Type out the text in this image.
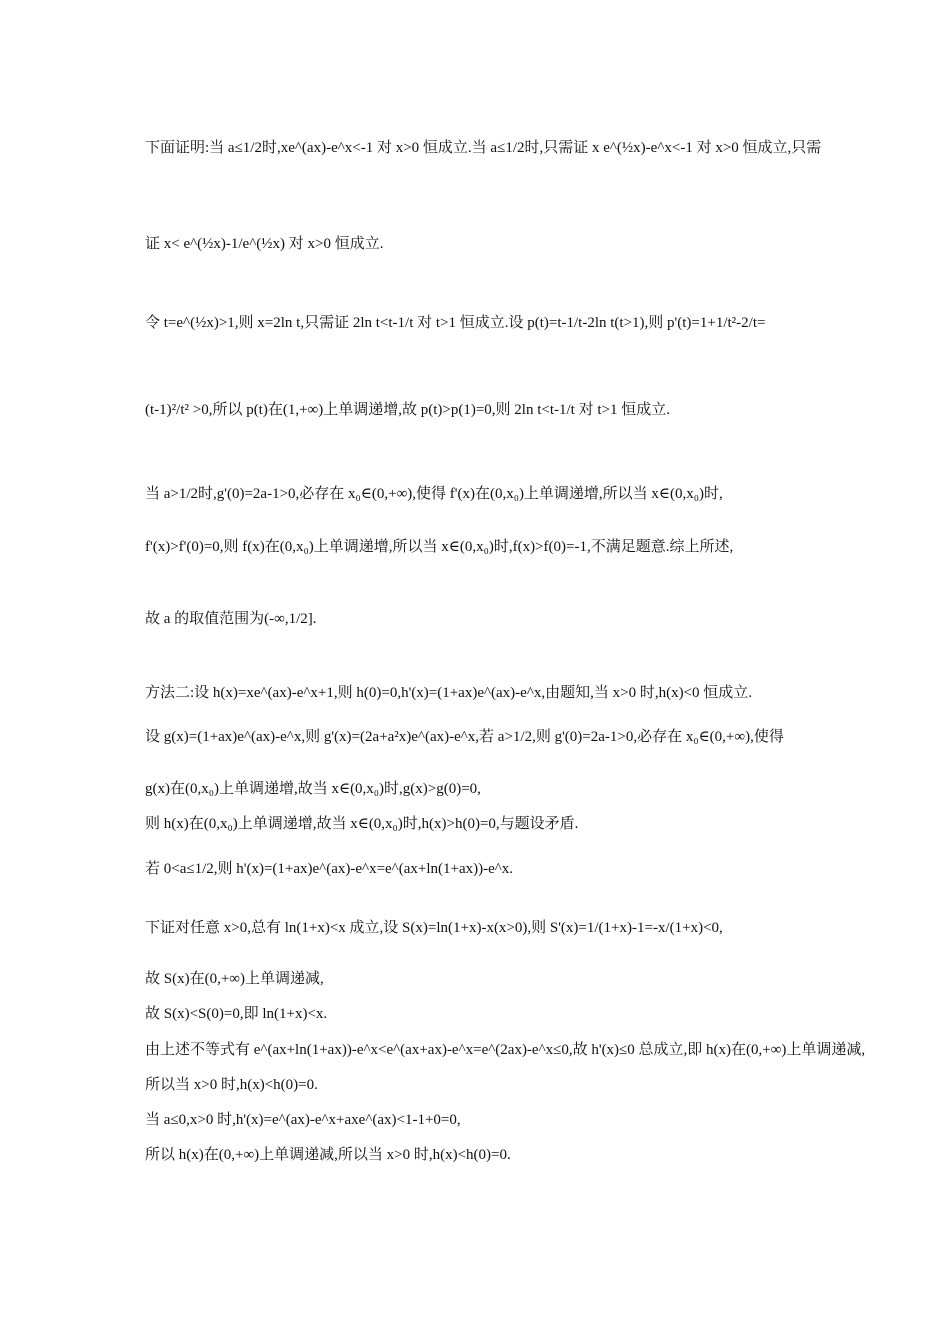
下面证明:当 a≤1/2时,xe^(ax)-e^x<-1 对 x>0 恒成立.当 a≤1/2时,只需证 x e^(½x)-e^x<-1 对 x>0 恒成立,只需
证 x< e^(½x)-1/e^(½x) 对 x>0 恒成立.
令 t=e^(½x)>1,则 x=2ln t,只需证 2ln t<t-1/t 对 t>1 恒成立.设 p(t)=t-1/t-2ln t(t>1),则 p'(t)=1+1/t²-2/t=
(t-1)²/t² >0,所以 p(t)在(1,+∞)上单调递增,故 p(t)>p(1)=0,则 2ln t<t-1/t 对 t>1 恒成立.
当 a>1/2时,g'(0)=2a-1>0,必存在 x₀∈(0,+∞),使得 f'(x)在(0,x₀)上单调递增,所以当 x∈(0,x₀)时,
f'(x)>f'(0)=0,则 f(x)在(0,x₀)上单调递增,所以当 x∈(0,x₀)时,f(x)>f(0)=-1,不满足题意.综上所述,
故 a 的取值范围为(-∞,1/2].
方法二:设 h(x)=xe^(ax)-e^x+1,则 h(0)=0,h'(x)=(1+ax)e^(ax)-e^x,由题知,当 x>0 时,h(x)<0 恒成立.
设 g(x)=(1+ax)e^(ax)-e^x,则 g'(x)=(2a+a²x)e^(ax)-e^x,若 a>1/2,则 g'(0)=2a-1>0,必存在 x₀∈(0,+∞),使得
g(x)在(0,x₀)上单调递增,故当 x∈(0,x₀)时,g(x)>g(0)=0,
则 h(x)在(0,x₀)上单调递增,故当 x∈(0,x₀)时,h(x)>h(0)=0,与题设矛盾.
若 0<a≤1/2,则 h'(x)=(1+ax)e^(ax)-e^x=e^(ax+ln(1+ax))-e^x.
下证对任意 x>0,总有 ln(1+x)<x 成立,设 S(x)=ln(1+x)-x(x>0),则 S'(x)=1/(1+x)-1=-x/(1+x)<0,
故 S(x)在(0,+∞)上单调递减,
故 S(x)<S(0)=0,即 ln(1+x)<x.
由上述不等式有 e^(ax+ln(1+ax))-e^x<e^(ax+ax)-e^x=e^(2ax)-e^x≤0,故 h'(x)≤0 总成立,即 h(x)在(0,+∞)上单调递减,
所以当 x>0 时,h(x)<h(0)=0.
当 a≤0,x>0 时,h'(x)=e^(ax)-e^x+axe^(ax)<1-1+0=0,
所以 h(x)在(0,+∞)上单调递减,所以当 x>0 时,h(x)<h(0)=0.
